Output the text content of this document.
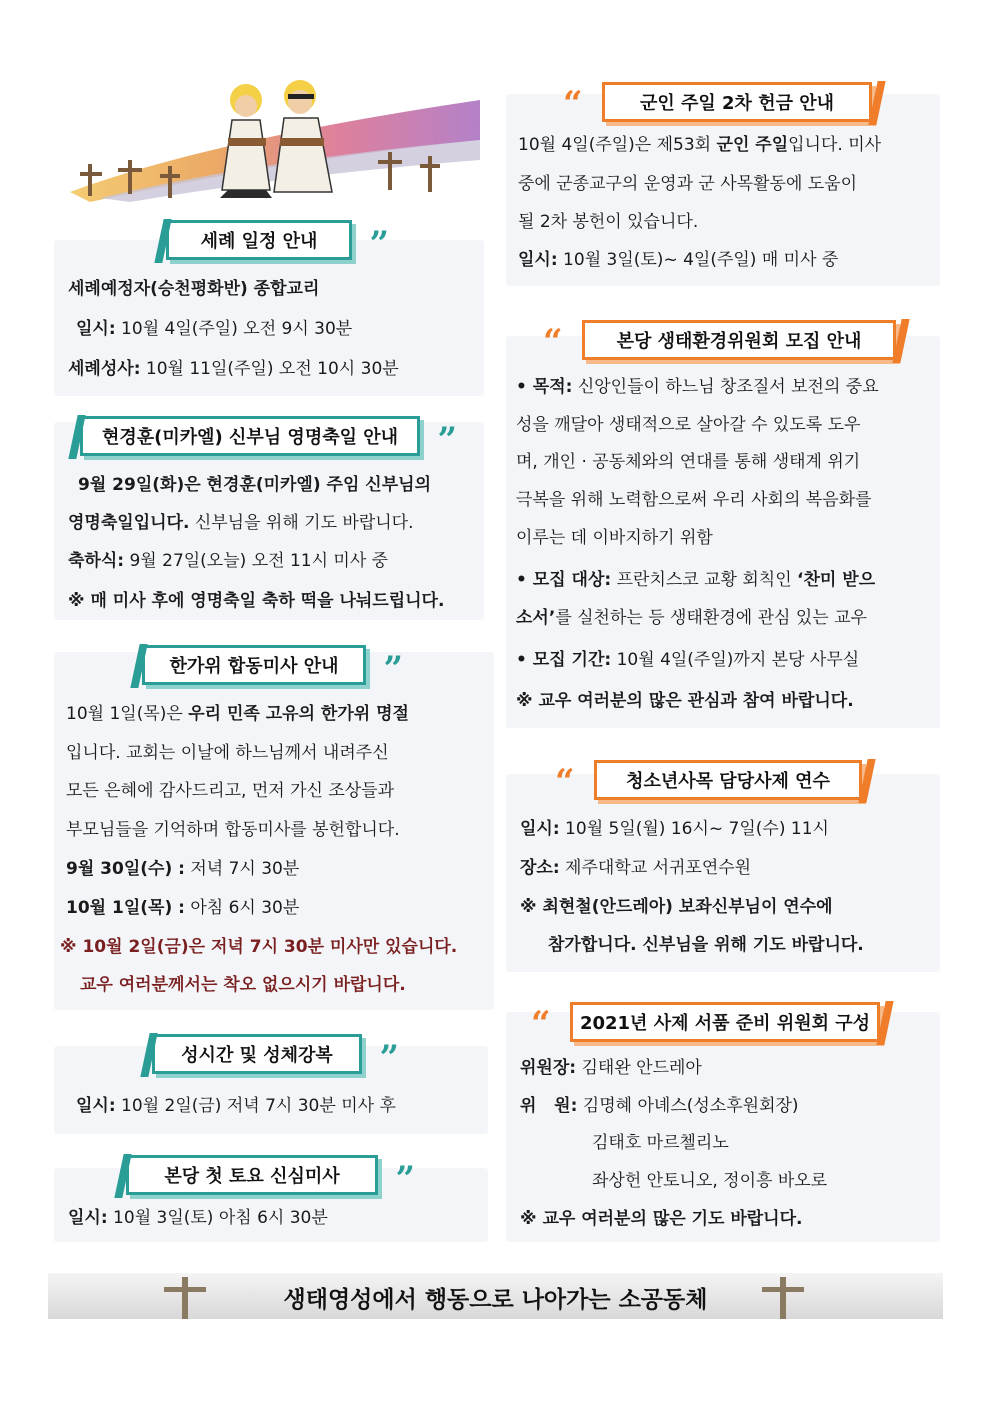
세례 일정 안내 ”
세례예정자(승천평화반) 종합교리
일시: 10월 4일(주일) 오전 9시 30분
세례성사: 10월 11일(주일) 오전 10시 30분
현경훈(미카엘) 신부님 영명축일 안내 ”
9월 29일(화)은 현경훈(미카엘) 주임 신부님의
영명축일입니다. 신부님을 위해 기도 바랍니다.
축하식: 9월 27일(오늘) 오전 11시 미사 중
※ 매 미사 후에 영명축일 축하 떡을 나눠드립니다.
한가위 합동미사 안내 ”
10월 1일(목)은 우리 민족 고유의 한가위 명절
입니다. 교회는 이날에 하느님께서 내려주신
모든 은혜에 감사드리고, 먼저 가신 조상들과
부모님들을 기억하며 합동미사를 봉헌합니다.
9월 30일(수) : 저녁 7시 30분
10월 1일(목) : 아침 6시 30분
※ 10월 2일(금)은 저녁 7시 30분 미사만 있습니다.
교우 여러분께서는 착오 없으시기 바랍니다.
성시간 및 성체강복 ”
일시: 10월 2일(금) 저녁 7시 30분 미사 후
본당 첫 토요 신심미사 ”
일시: 10월 3일(토) 아침 6시 30분
“	군인 주일 2차 헌금 안내
10월 4일(주일)은 제53회 군인 주일입니다. 미사
중에 군종교구의 운영과 군 사목활동에 도움이
될 2차 봉헌이 있습니다.
일시: 10월 3일(토)~ 4일(주일) 매 미사 중
“	본당 생태환경위원회 모집 안내
• 목적: 신앙인들이 하느님 창조질서 보전의 중요
성을 깨달아 생태적으로 살아갈 수 있도록 도우
며, 개인 · 공동체와의 연대를 통해 생태계 위기
극복을 위해 노력함으로써 우리 사회의 복음화를
이루는 데 이바지하기 위함
• 모집 대상: 프란치스코 교황 회칙인 ‘찬미 받으
소서’를 실천하는 등 생태환경에 관심 있는 교우
• 모집 기간: 10월 4일(주일)까지 본당 사무실
※ 교우 여러분의 많은 관심과 참여 바랍니다.
“	청소년사목 담당사제 연수
일시: 10월 5일(월) 16시~ 7일(수) 11시
장소: 제주대학교 서귀포연수원
※ 최현철(안드레아) 보좌신부님이 연수에
참가합니다. 신부님을 위해 기도 바랍니다.
“ 2021년 사제 서품 준비 위원회 구성
위원장: 김태완 안드레아
위   원: 김명혜 아녜스(성소후원회장)
김태호 마르첼리노
좌상헌 안토니오, 정이흥 바오로
※ 교우 여러분의 많은 기도 바랍니다.
생태영성에서 행동으로 나아가는 소공동체
